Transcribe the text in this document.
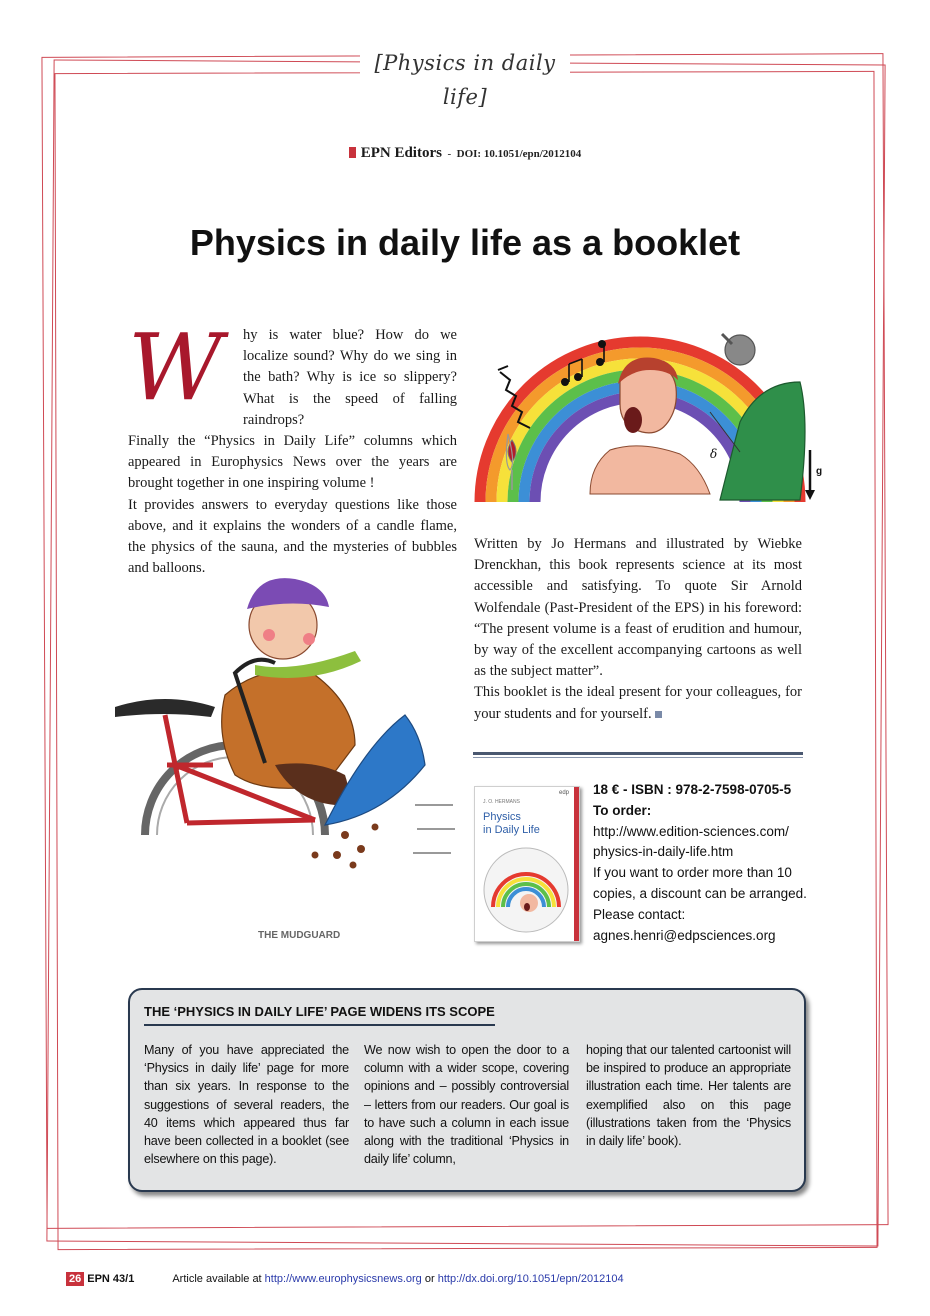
[Physics in daily life]
EPN Editors - DOI: 10.1051/epn/2012104
Physics in daily life as a booklet
W hy is water blue? How do we localize sound? Why do we sing in the bath? Why is ice so slippery? What is the speed of falling raindrops?

Finally the “Physics in Daily Life” columns which appeared in Europhysics News over the years are brought together in one inspiring volume !

It provides answers to everyday questions like those above, and it explains the wonders of a candle flame, the physics of the sauna, and the mysteries of bubbles and balloons.

δ
g

Written by Jo Hermans and illustrated by Wiebke Drenckhan, this book represents science at its most accessible and satisfying. To quote Sir Arnold Wolfendale (Past-President of the EPS) in his foreword: “The present volume is a feast of erudition and humour, by way of the excellent accompanying cartoons as well as the subject matter”.

This booklet is the ideal present for your colleagues, for your students and for yourself.

THE MUDGUARD
edp
J. O. HERMANS
Physics
in Daily Life
18 € - ISBN : 978-2-7598-0705-5
To order:
http://www.edition-sciences.com/
physics-in-daily-life.htm
If you want to order more than 10 copies, a discount can be arranged.
Please contact:
agnes.henri@edpsciences.org
THE ‘PHYSICS IN DAILY LIFE’ PAGE WIDENS ITS SCOPE
Many of you have appreciated the ‘Physics in daily life’ page for more than six years. In response to the suggestions of several readers, the 40 items which appeared thus far have been collected in a booklet (see elsewhere on this page).
We now wish to open the door to a column with a wider scope, covering opinions and – possibly controversial – letters from our readers. Our goal is to have such a column in each issue along with the traditional ‘Physics in daily life’ column,
hoping that our talented cartoonist will be inspired to produce an appropriate illustration each time. Her talents are exemplified also on this page (illustrations taken from the ‘Physics in daily life’ book).
26 EPN 43/1	Article available at http://www.europhysicsnews.org or http://dx.doi.org/10.1051/epn/2012104
